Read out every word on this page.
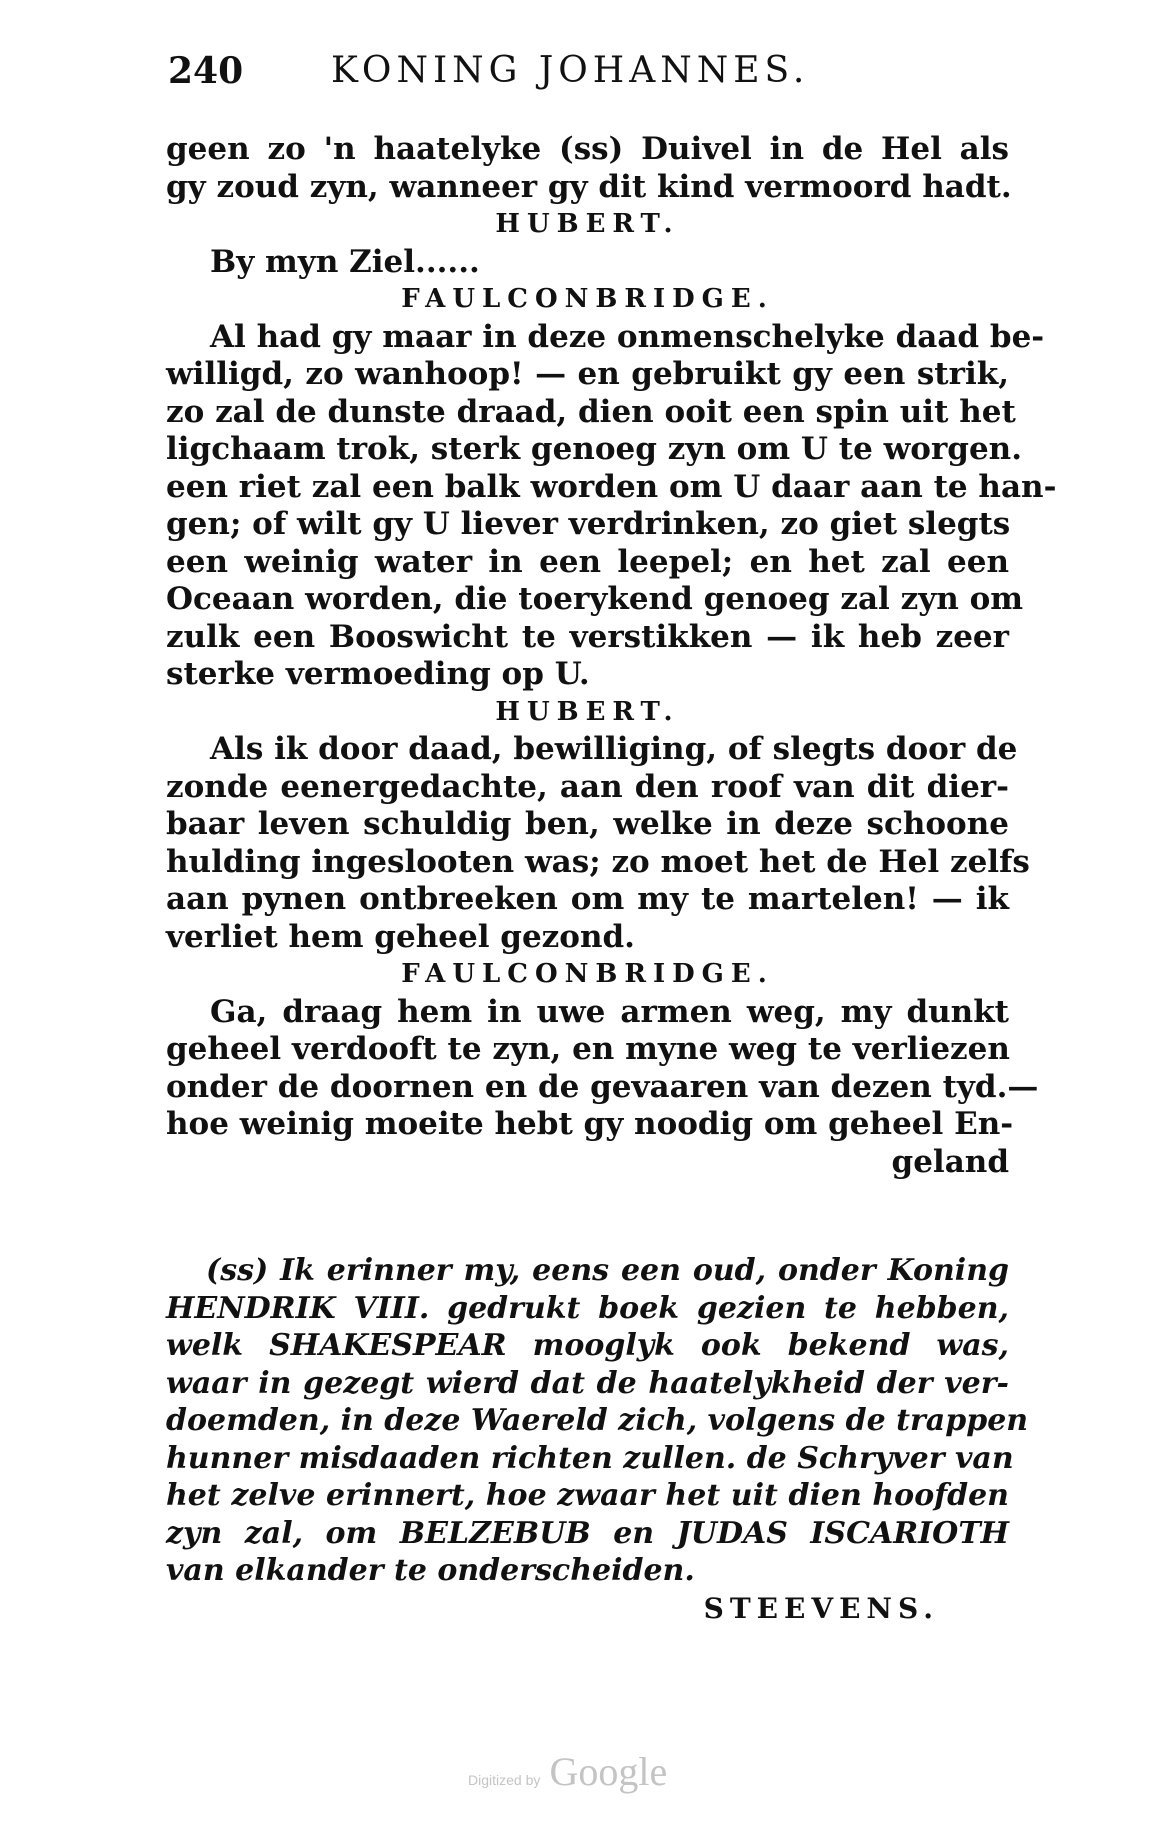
240 KONING JOHANNES.
geen zo 'n haatelyke (ss) Duivel in de Hel als
gy zoud zyn, wanneer gy dit kind vermoord hadt.
HUBERT.
By myn Ziel......
FAULCONBRIDGE.
Al had gy maar in deze onmenschelyke daad be-
willigd, zo wanhoop! — en gebruikt gy een strik,
zo zal de dunste draad, dien ooit een spin uit het
ligchaam trok, sterk genoeg zyn om U te worgen.
een riet zal een balk worden om U daar aan te han-
gen; of wilt gy U liever verdrinken, zo giet slegts
een weinig water in een leepel; en het zal een
Oceaan worden, die toerykend genoeg zal zyn om
zulk een Booswicht te verstikken — ik heb zeer
sterke vermoeding op U.
HUBERT.
Als ik door daad, bewilliging, of slegts door de
zonde eenergedachte, aan den roof van dit dier-
baar leven schuldig ben, welke in deze schoone
hulding ingeslooten was; zo moet het de Hel zelfs
aan pynen ontbreeken om my te martelen! — ik
verliet hem geheel gezond.
FAULCONBRIDGE.
Ga, draag hem in uwe armen weg, my dunkt
geheel verdooft te zyn, en myne weg te verliezen
onder de doornen en de gevaaren van dezen tyd.—
hoe weinig moeite hebt gy noodig om geheel En-
geland
(ss) Ik erinner my, eens een oud, onder Koning
HENDRIK VIII. gedrukt boek gezien te hebben,
welk SHAKESPEAR mooglyk ook bekend was,
waar in gezegt wierd dat de haatelykheid der ver-
doemden, in deze Waereld zich, volgens de trappen
hunner misdaaden richten zullen. de Schryver van
het zelve erinnert, hoe zwaar het uit dien hoofden
zyn zal, om BELZEBUB en JUDAS ISCARIOTH
van elkander te onderscheiden.
STEEVENS.
Digitized by Google
